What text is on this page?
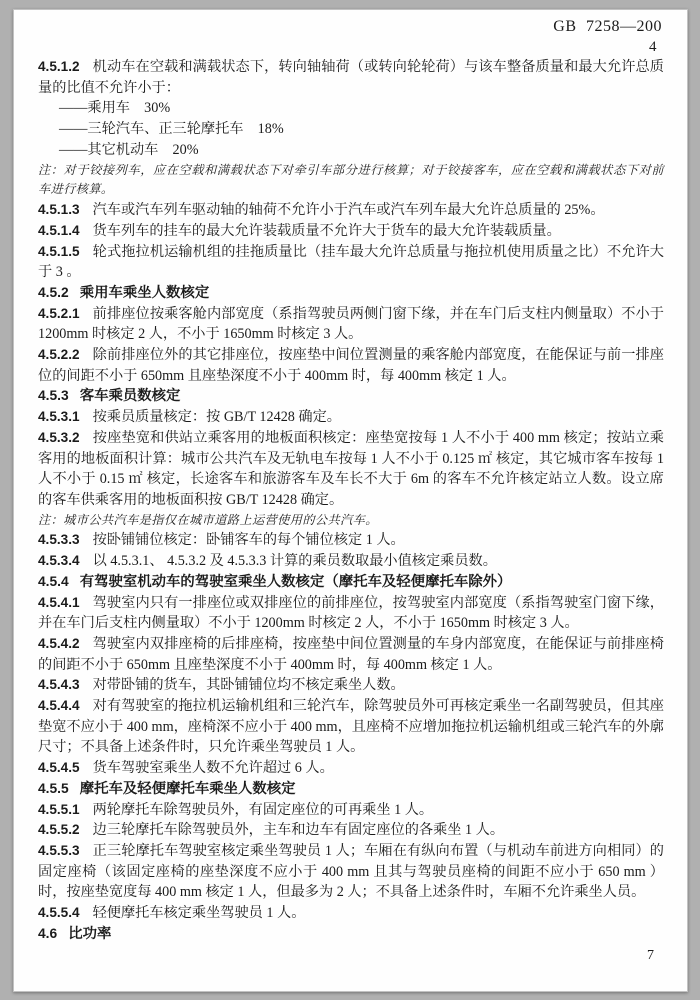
GB 7258—200
4

4.5.1.2 机动车在空载和满载状态下，转向轴轴荷（或转向轮轮荷）与该车整备质量和最大允许总质量的比值不允许小于：

——乘用车　30%

——三轮汽车、正三轮摩托车　18%

——其它机动车　20%

注：对于铰接列车，应在空载和满载状态下对牵引车部分进行核算；对于铰接客车，应在空载和满载状态下对前车进行核算。

4.5.1.3 汽车或汽车列车驱动轴的轴荷不允许小于汽车或汽车列车最大允许总质量的 25%。

4.5.1.4 货车列车的挂车的最大允许装载质量不允许大于货车的最大允许装载质量。

4.5.1.5 轮式拖拉机运输机组的挂拖质量比（挂车最大允许总质量与拖拉机使用质量之比）不允许大于 3 。

4.5.2 乘用车乘坐人数核定

4.5.2.1 前排座位按乘客舱内部宽度（系指驾驶员两侧门窗下缘，并在车门后支柱内侧量取）不小于 1200mm 时核定 2 人，不小于 1650mm 时核定 3 人。

4.5.2.2 除前排座位外的其它排座位，按座垫中间位置测量的乘客舱内部宽度，在能保证与前一排座位的间距不小于 650mm 且座垫深度不小于 400mm 时，每 400mm 核定 1 人。

4.5.3 客车乘员数核定

4.5.3.1 按乘员质量核定：按 GB/T 12428 确定。

4.5.3.2 按座垫宽和供站立乘客用的地板面积核定：座垫宽按每 1 人不小于 400 mm 核定；按站立乘客用的地板面积计算：城市公共汽车及无轨电车按每 1 人不小于 0.125 ㎡ 核定，其它城市客车按每 1 人不小于 0.15 ㎡ 核定，长途客车和旅游客车及车长不大于 6m 的客车不允许核定站立人数。设立席的客车供乘客用的地板面积按 GB/T 12428 确定。

注：城市公共汽车是指仅在城市道路上运营使用的公共汽车。

4.5.3.3 按卧铺铺位核定：卧铺客车的每个铺位核定 1 人。

4.5.3.4 以 4.5.3.1、 4.5.3.2 及 4.5.3.3 计算的乘员数取最小值核定乘员数。

4.5.4 有驾驶室机动车的驾驶室乘坐人数核定（摩托车及轻便摩托车除外）

4.5.4.1 驾驶室内只有一排座位或双排座位的前排座位，按驾驶室内部宽度（系指驾驶室门窗下缘，并在车门后支柱内侧量取）不小于 1200mm 时核定 2 人，不小于 1650mm 时核定 3 人。

4.5.4.2 驾驶室内双排座椅的后排座椅，按座垫中间位置测量的车身内部宽度，在能保证与前排座椅的间距不小于 650mm 且座垫深度不小于 400mm 时，每 400mm 核定 1 人。

4.5.4.3 对带卧铺的货车，其卧铺铺位均不核定乘坐人数。

4.5.4.4 对有驾驶室的拖拉机运输机组和三轮汽车，除驾驶员外可再核定乘坐一名副驾驶员，但其座垫宽不应小于 400 mm，座椅深不应小于 400 mm，且座椅不应增加拖拉机运输机组或三轮汽车的外廓尺寸；不具备上述条件时，只允许乘坐驾驶员 1 人。

4.5.4.5 货车驾驶室乘坐人数不允许超过 6 人。

4.5.5 摩托车及轻便摩托车乘坐人数核定

4.5.5.1 两轮摩托车除驾驶员外，有固定座位的可再乘坐 1 人。

4.5.5.2 边三轮摩托车除驾驶员外，主车和边车有固定座位的各乘坐 1 人。

4.5.5.3 正三轮摩托车驾驶室核定乘坐驾驶员 1 人；车厢在有纵向布置（与机动车前进方向相同）的固定座椅（该固定座椅的座垫深度不应小于 400 mm 且其与驾驶员座椅的间距不应小于 650 mm ）时，按座垫宽度每 400 mm 核定 1 人，但最多为 2 人；不具备上述条件时，车厢不允许乘坐人员。

4.5.5.4 轻便摩托车核定乘坐驾驶员 1 人。

4.6 比功率

7
